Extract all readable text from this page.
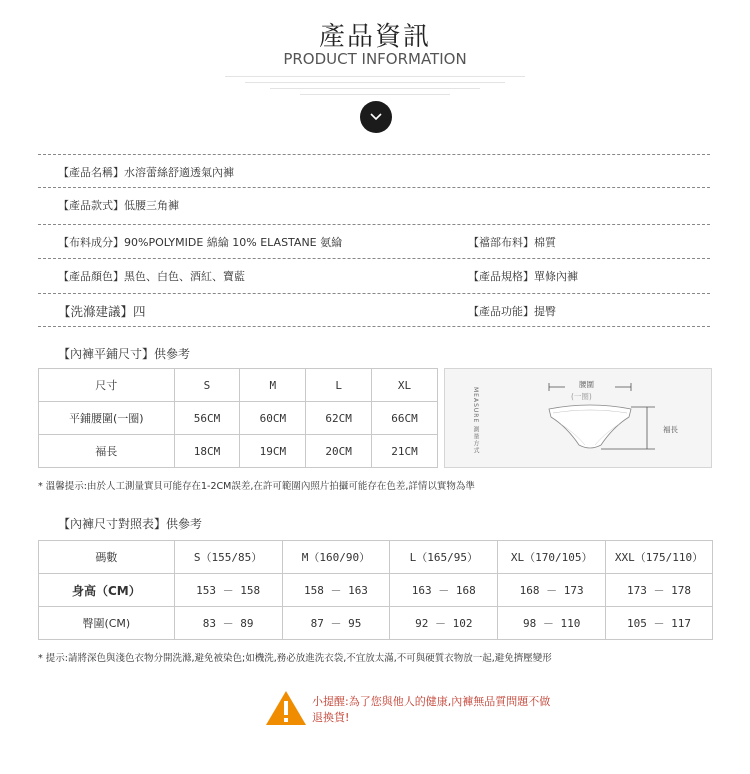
產品資訊
PRODUCT INFORMATION
【產品名稱】水溶蕾絲舒適透氣內褲
【產品款式】低腰三角褲
【布料成分】90%POLYMIDE 綿綸 10% ELASTANE 氨綸	【襠部布料】棉質
【產品顏色】黑色、白色、酒紅、寶藍	【產品規格】單條內褲
【洗滌建議】四	【產品功能】提臀
【內褲平鋪尺寸】供參考
尺寸	S	M	L	XL
平鋪腰圍(一圈)	56CM	60CM	62CM	66CM
褔長	18CM	19CM	20CM	21CM	MEASURE 測量方式
腰圍
(一圈)
褔長
* 溫馨提示:由於人工測量實貝可能存在1-2CM誤差,在許可範圍內照片拍攝可能存在色差,詳情以實物為準
【內褲尺寸對照表】供參考
碼數	S（155/85）	M（160/90）	L（165/95）	XL（170/105）	XXL（175/110）
身高（CM）	153 － 158	158 － 163	163 － 168	168 － 173	173 － 178
臀圍(CM)	83 － 89	87 － 95	92 － 102	98 － 110	105 － 117
* 提示:請將深色與淺色衣物分開洗滌,避免被染色;如機洗,務必放進洗衣袋,不宜放太滿,不可與硬質衣物放一起,避免擠壓變形
小提醒:為了您與他人的健康,內褲無品質問題不做退換貨!
